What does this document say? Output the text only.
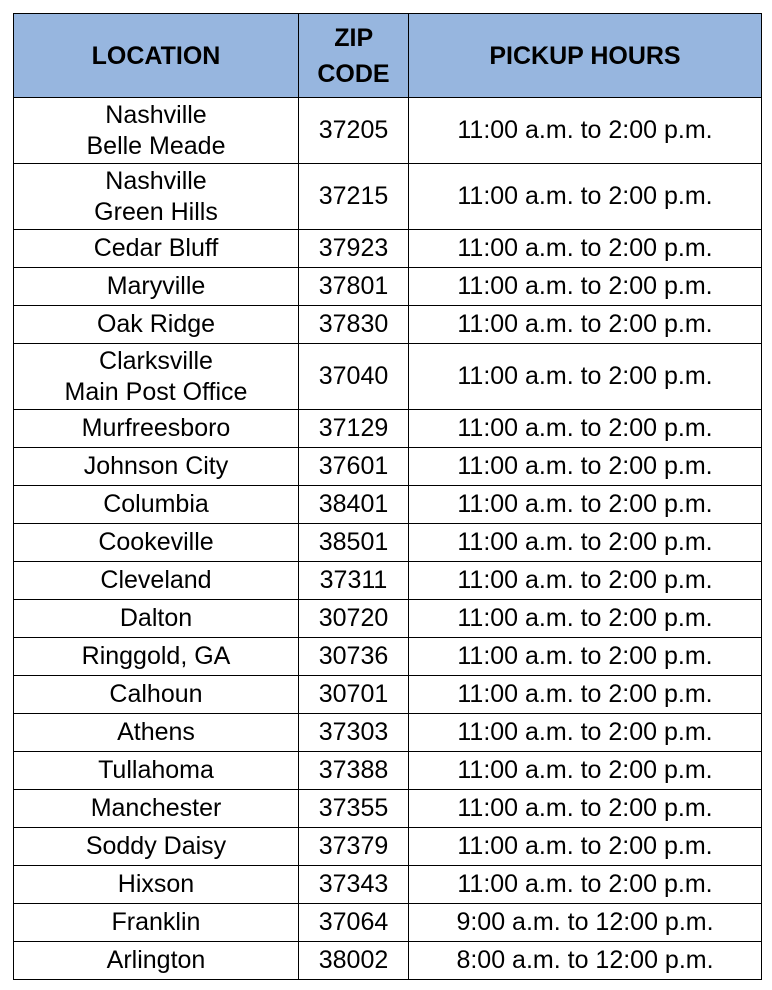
LOCATION	ZIP CODE	PICKUP HOURS

Nashville
Belle Meade	37205	11:00 a.m. to 2:00 p.m.

Nashville
Green Hills	37215	11:00 a.m. to 2:00 p.m.

Cedar Bluff	37923	11:00 a.m. to 2:00 p.m.

Maryville	37801	11:00 a.m. to 2:00 p.m.

Oak Ridge	37830	11:00 a.m. to 2:00 p.m.

Clarksville
Main Post Office	37040	11:00 a.m. to 2:00 p.m.

Murfreesboro	37129	11:00 a.m. to 2:00 p.m.

Johnson City	37601	11:00 a.m. to 2:00 p.m.

Columbia	38401	11:00 a.m. to 2:00 p.m.

Cookeville	38501	11:00 a.m. to 2:00 p.m.

Cleveland	37311	11:00 a.m. to 2:00 p.m.

Dalton	30720	11:00 a.m. to 2:00 p.m.

Ringgold, GA	30736	11:00 a.m. to 2:00 p.m.

Calhoun	30701	11:00 a.m. to 2:00 p.m.

Athens	37303	11:00 a.m. to 2:00 p.m.

Tullahoma	37388	11:00 a.m. to 2:00 p.m.

Manchester	37355	11:00 a.m. to 2:00 p.m.

Soddy Daisy	37379	11:00 a.m. to 2:00 p.m.

Hixson	37343	11:00 a.m. to 2:00 p.m.

Franklin	37064	9:00 a.m. to 12:00 p.m.

Arlington	38002	8:00 a.m. to 12:00 p.m.
